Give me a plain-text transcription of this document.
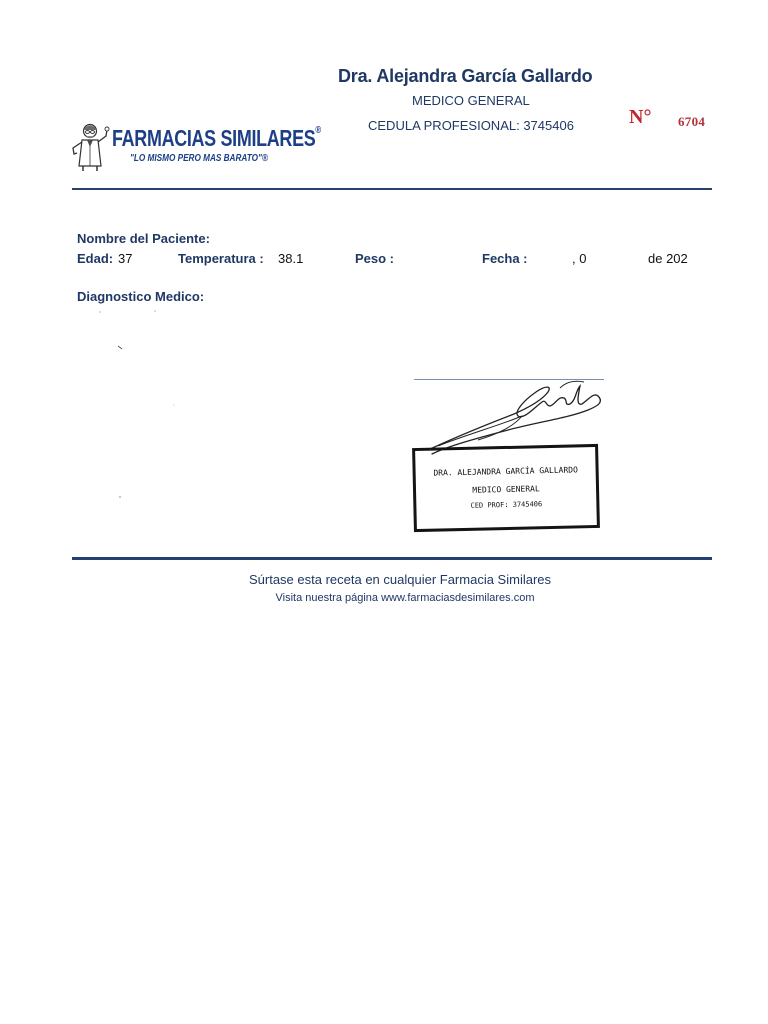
Dra. Alejandra García Gallardo
MEDICO GENERAL
CEDULA PROFESIONAL: 3745406	N° 6704
FARMACIAS SIMILARES®
"LO MISMO PERO MAS BARATO"®
Nombre del Paciente:
Edad: 37	Temperatura : 38.1	Peso :	Fecha :	, 0	de 202
Diagnostico Medico:
DRA. ALEJANDRA GARCÍA GALLARDO
MEDICO GENERAL
CED PROF: 3745406
Súrtase esta receta en cualquier Farmacia Similares
Visita nuestra página www.farmaciasdesimilares.com
